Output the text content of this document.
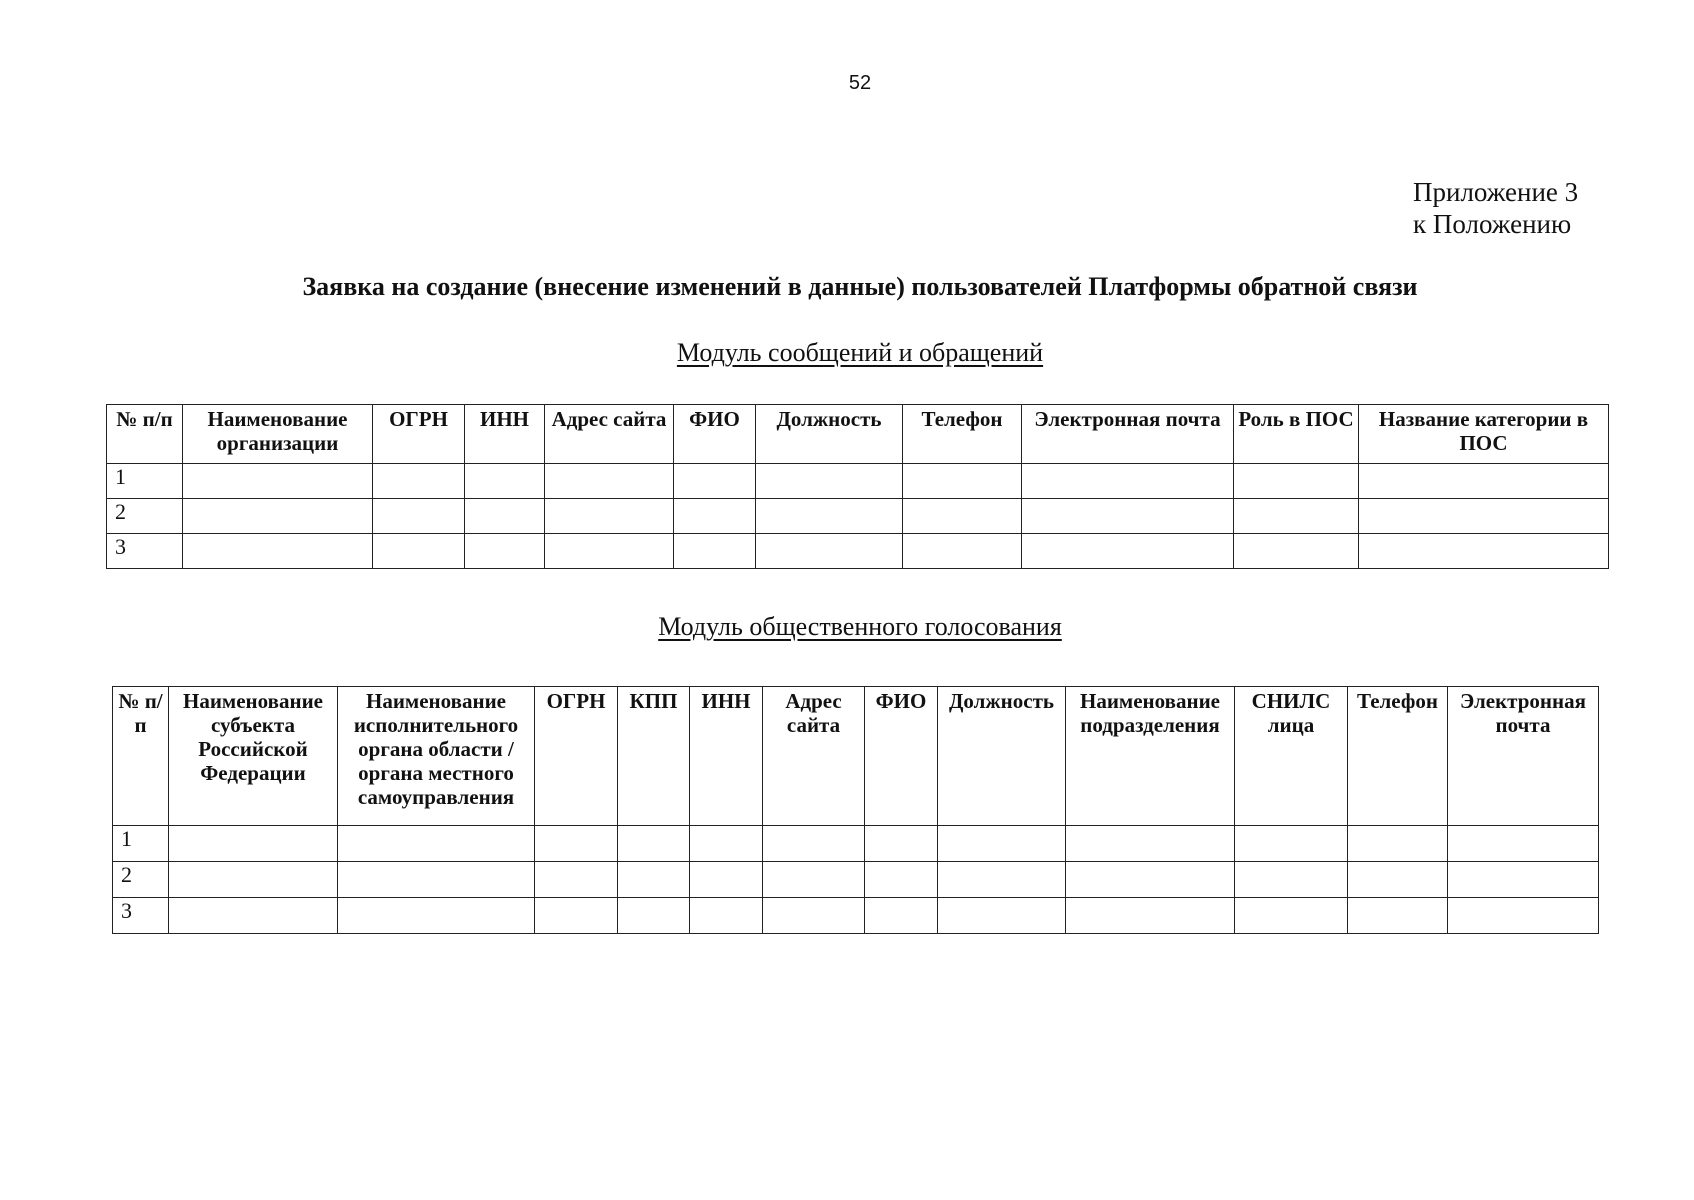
52
Приложение 3
к Положению
Заявка на создание (внесение изменений в данные) пользователей Платформы обратной связи
Модуль сообщений и обращений
№ п/п	Наименование организации	ОГРН	ИНН	Адрес сайта	ФИО	Должность	Телефон	Электронная почта	Роль в ПОС	Название категории в ПОС
1										
2										
3										
Модуль общественного голосования
№ п/п	Наименование субъекта Российской Федерации	Наименование исполнительного органа области / органа местного самоуправления	ОГРН	КПП	ИНН	Адрес сайта	ФИО	Должность	Наименование подразделения	СНИЛС лица	Телефон	Электронная почта
1												
2												
3												
